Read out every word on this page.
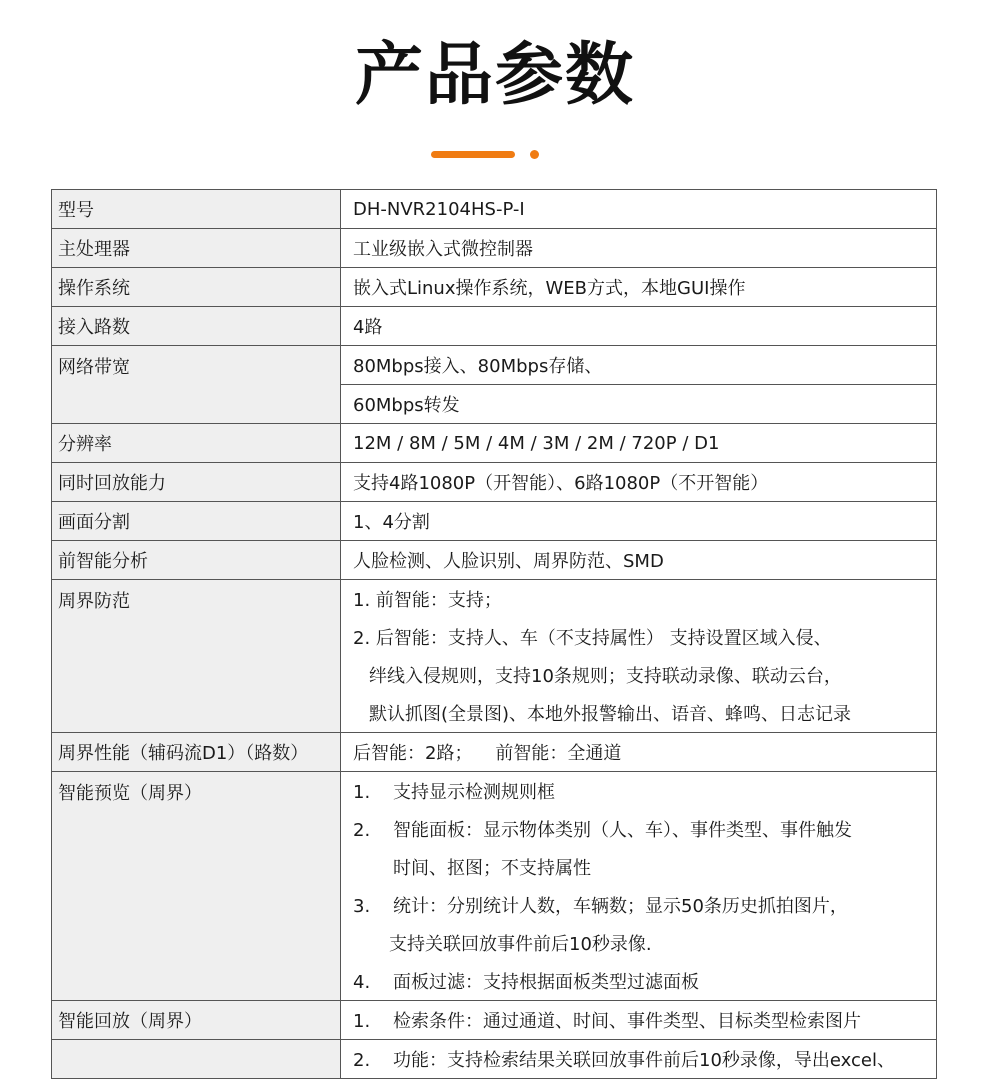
产品参数
型号	DH-NVR2104HS-P-I
主处理器	工业级嵌入式微控制器
操作系统	嵌入式Linux操作系统，WEB方式，本地GUI操作
接入路数	4路
网络带宽	80Mbps接入、80Mbps存储、
	60Mbps转发
分辨率	12M / 8M / 5M / 4M / 3M / 2M / 720P / D1
同时回放能力	支持4路1080P（开智能）、6路1080P（不开智能）
画面分割	1、4分割
前智能分析	人脸检测、人脸识别、周界防范、SMD
周界防范	1. 前智能：支持；
	2. 后智能：支持人、车（不支持属性） 支持设置区域入侵、
	绊线入侵规则，支持10条规则；支持联动录像、联动云台，
	默认抓图(全景图)、本地外报警输出、语音、蜂鸣、日志记录
周界性能（辅码流D1）（路数）	后智能：2路；    前智能：全通道
智能预览（周界）	1. 支持显示检测规则框
	2. 智能面板：显示物体类别（人、车）、事件类型、事件触发
	时间、抠图；不支持属性
	3. 统计：分别统计人数，车辆数；显示50条历史抓拍图片，
	支持关联回放事件前后10秒录像.
	4. 面板过滤：支持根据面板类型过滤面板
智能回放（周界）	1. 检索条件：通过通道、时间、事件类型、目标类型检索图片
	2. 功能：支持检索结果关联回放事件前后10秒录像，导出excel、
